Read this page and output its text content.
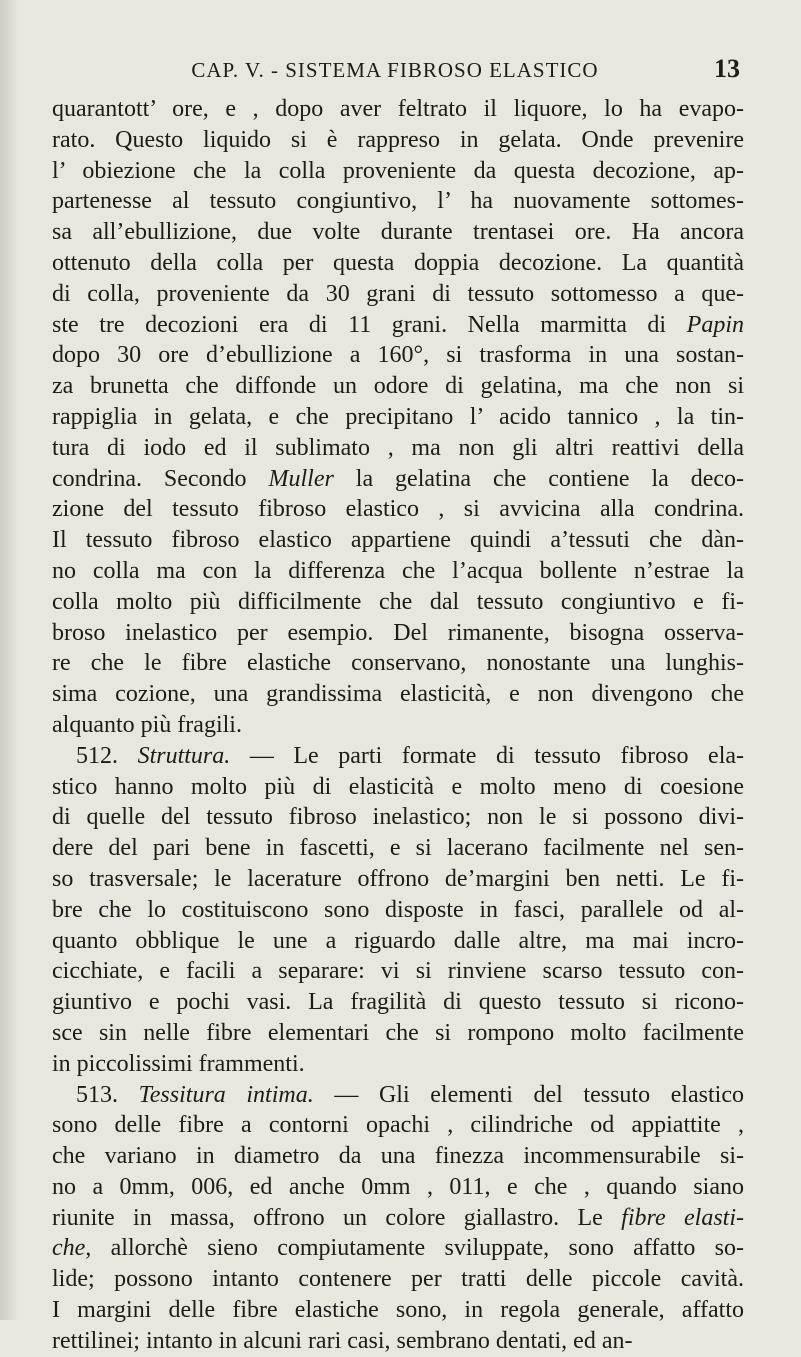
CAP. V. - SISTEMA FIBROSO ELASTICO	13
quarantott’ ore, e , dopo aver feltrato il liquore, lo ha evapo-
rato. Questo liquido si è rappreso in gelata. Onde prevenire
l’ obiezione che la colla proveniente da questa decozione, ap-
partenesse al tessuto congiuntivo, l’ ha nuovamente sottomes-
sa all’ebullizione, due volte durante trentasei ore. Ha ancora
ottenuto della colla per questa doppia decozione. La quantità
di colla, proveniente da 30 grani di tessuto sottomesso a que-
ste tre decozioni era di 11 grani. Nella marmitta di Papin
dopo 30 ore d’ebullizione a 160°, si trasforma in una sostan-
za brunetta che diffonde un odore di gelatina, ma che non si
rappiglia in gelata, e che precipitano l’ acido tannico , la tin-
tura di iodo ed il sublimato , ma non gli altri reattivi della
condrina. Secondo Muller la gelatina che contiene la deco-
zione del tessuto fibroso elastico , si avvicina alla condrina.
Il tessuto fibroso elastico appartiene quindi a’tessuti che dàn-
no colla ma con la differenza che l’acqua bollente n’estrae la
colla molto più difficilmente che dal tessuto congiuntivo e fi-
broso inelastico per esempio. Del rimanente, bisogna osserva-
re che le fibre elastiche conservano, nonostante una lunghis-
sima cozione, una grandissima elasticità, e non divengono che
alquanto più fragili.
512. Struttura. — Le parti formate di tessuto fibroso ela-
stico hanno molto più di elasticità e molto meno di coesione
di quelle del tessuto fibroso inelastico; non le si possono divi-
dere del pari bene in fascetti, e si lacerano facilmente nel sen-
so trasversale; le lacerature offrono de’margini ben netti. Le fi-
bre che lo costituiscono sono disposte in fasci, parallele od al-
quanto obblique le une a riguardo dalle altre, ma mai incro-
cicchiate, e facili a separare: vi si rinviene scarso tessuto con-
giuntivo e pochi vasi. La fragilità di questo tessuto si ricono-
sce sin nelle fibre elementari che si rompono molto facilmente
in piccolissimi frammenti.
513. Tessitura intima. — Gli elementi del tessuto elastico
sono delle fibre a contorni opachi , cilindriche od appiattite ,
che variano in diametro da una finezza incommensurabile si-
no a 0mm, 006, ed anche 0mm , 011, e che , quando siano
riunite in massa, offrono un colore giallastro. Le fibre elasti-
che, allorchè sieno compiutamente sviluppate, sono affatto so-
lide; possono intanto contenere per tratti delle piccole cavità.
I margini delle fibre elastiche sono, in regola generale, affatto
rettilinei; intanto in alcuni rari casi, sembrano dentati, ed an-
